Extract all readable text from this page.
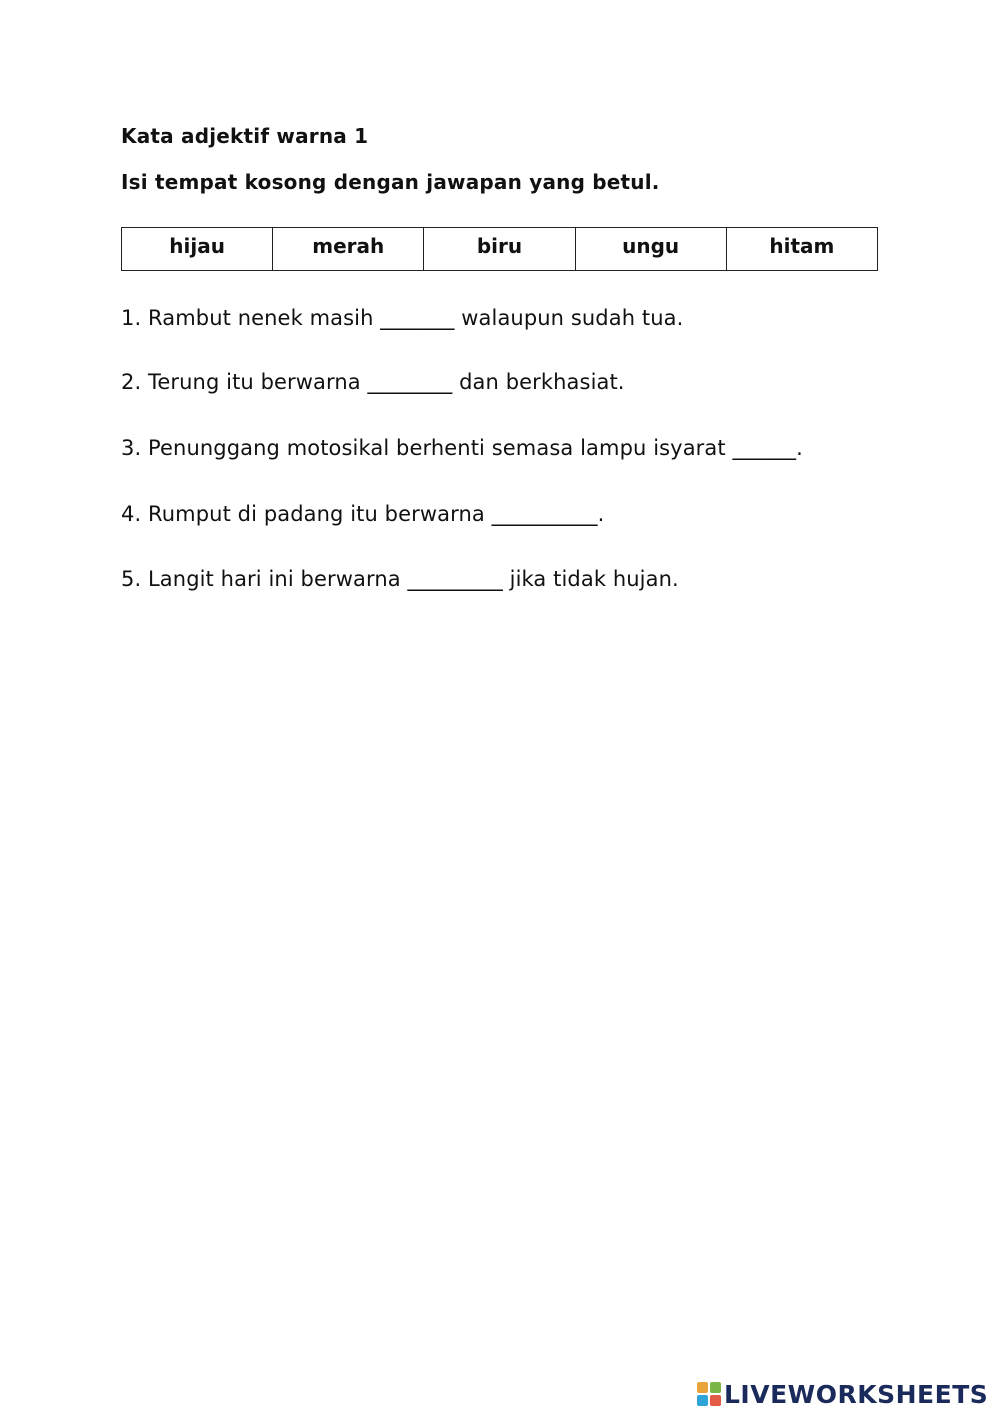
Kata adjektif warna 1
Isi tempat kosong dengan jawapan yang betul.
hijau	merah	biru	ungu	hitam
1. Rambut nenek masih _______ walaupun sudah tua.
2. Terung itu berwarna ________ dan berkhasiat.
3. Penunggang motosikal berhenti semasa lampu isyarat ______.
4. Rumput di padang itu berwarna __________.
5. Langit hari ini berwarna _________ jika tidak hujan.
LIVEWORKSHEETS
